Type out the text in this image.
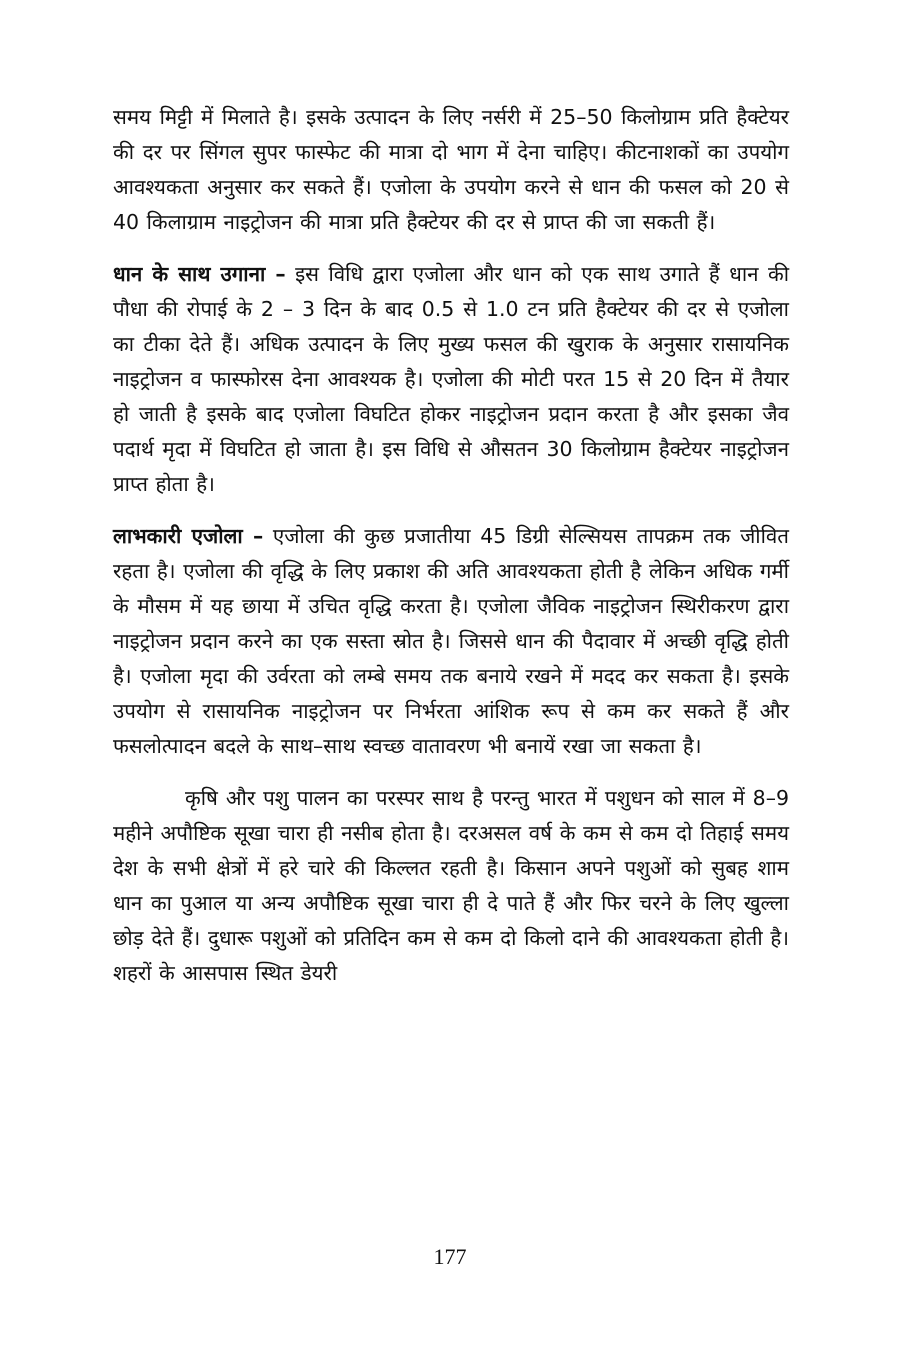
समय मिट्टी में मिलाते है। इसके उत्पादन के लिए नर्सरी में 25–50 किलोग्राम प्रति हैक्टेयर की दर पर सिंगल सुपर फास्फेट की मात्रा दो भाग में देना चाहिए। कीटनाशकों का उपयोग आवश्यकता अनुसार कर सकते हैं। एजोला के उपयोग करने से धान की फसल को 20 से 40 किलाग्राम नाइट्रोजन की मात्रा प्रति हैक्टेयर की दर से प्राप्त की जा सकती हैं।

धान के साथ उगाना – इस विधि द्वारा एजोला और धान को एक साथ उगाते हैं धान की पौधा की रोपाई के 2 – 3 दिन के बाद 0.5 से 1.0 टन प्रति हैक्टेयर की दर से एजोला का टीका देते हैं। अधिक उत्पादन के लिए मुख्य फसल की खुराक के अनुसार रासायनिक नाइट्रोजन व फास्फोरस देना आवश्यक है। एजोला की मोटी परत 15 से 20 दिन में तैयार हो जाती है इसके बाद एजोला विघटित होकर नाइट्रोजन प्रदान करता है और इसका जैव पदार्थ मृदा में विघटित हो जाता है। इस विधि से औसतन 30 किलोग्राम हैक्टेयर नाइट्रोजन प्राप्त होता है।

लाभकारी एजोला – एजोला की कुछ प्रजातीया 45 डिग्री सेल्सियस तापक्रम तक जीवित रहता है। एजोला की वृद्धि के लिए प्रकाश की अति आवश्यकता होती है लेकिन अधिक गर्मी के मौसम में यह छाया में उचित वृद्धि करता है। एजोला जैविक नाइट्रोजन स्थिरीकरण द्वारा नाइट्रोजन प्रदान करने का एक सस्ता स्रोत है। जिससे धान की पैदावार में अच्छी वृद्धि होती है। एजोला मृदा की उर्वरता को लम्बे समय तक बनाये रखने में मदद कर सकता है। इसके उपयोग से रासायनिक नाइट्रोजन पर निर्भरता आंशिक रूप से कम कर सकते हैं और फसलोत्पादन बदले के साथ–साथ स्वच्छ वातावरण भी बनायें रखा जा सकता है।

कृषि और पशु पालन का परस्पर साथ है परन्तु भारत में पशुधन को साल में 8–9 महीने अपौष्टिक सूखा चारा ही नसीब होता है। दरअसल वर्ष के कम से कम दो तिहाई समय देश के सभी क्षेत्रों में हरे चारे की किल्लत रहती है। किसान अपने पशुओं को सुबह शाम धान का पुआल या अन्य अपौष्टिक सूखा चारा ही दे पाते हैं और फिर चरने के लिए खुल्ला छोड़ देते हैं। दुधारू पशुओं को प्रतिदिन कम से कम दो किलो दाने की आवश्यकता होती है। शहरों के आसपास स्थित डेयरी

177
